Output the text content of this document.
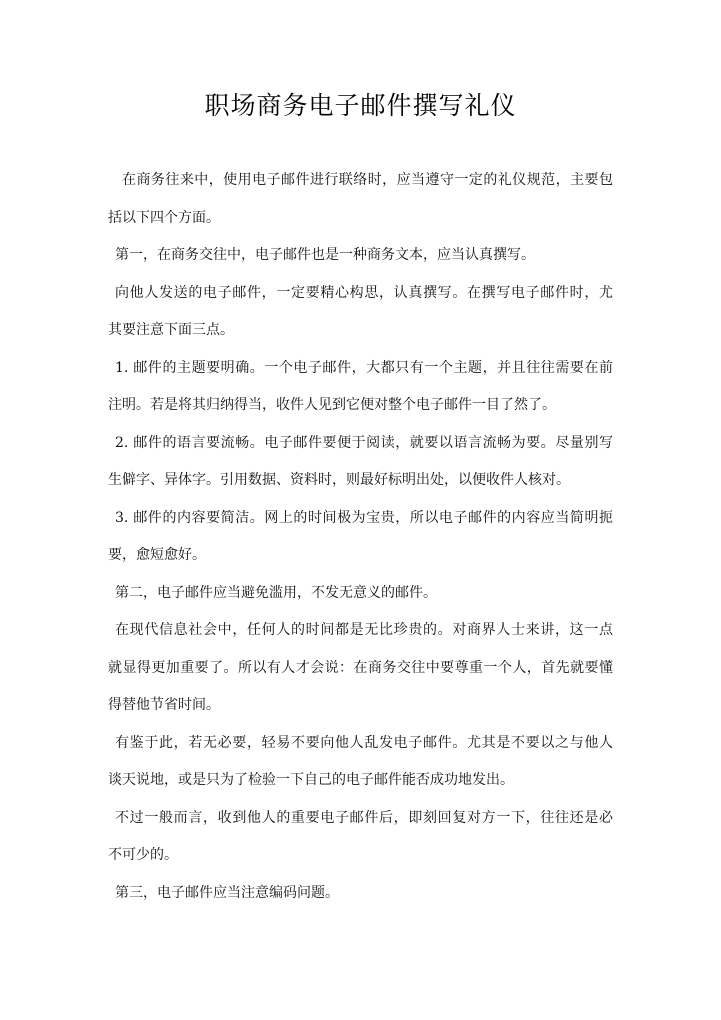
职场商务电子邮件撰写礼仪

在商务往来中，使用电子邮件进行联络时，应当遵守一定的礼仪规范，主要包
括以下四个方面。

第一，在商务交往中，电子邮件也是一种商务文本，应当认真撰写。

向他人发送的电子邮件，一定要精心构思，认真撰写。在撰写电子邮件时，尤
其要注意下面三点。

1. 邮件的主题要明确。一个电子邮件，大都只有一个主题，并且往往需要在前
注明。若是将其归纳得当，收件人见到它便对整个电子邮件一目了然了。

2. 邮件的语言要流畅。电子邮件要便于阅读，就要以语言流畅为要。尽量别写
生僻字、异体字。引用数据、资料时，则最好标明出处，以便收件人核对。

3. 邮件的内容要简洁。网上的时间极为宝贵，所以电子邮件的内容应当简明扼
要，愈短愈好。

第二，电子邮件应当避免滥用，不发无意义的邮件。

在现代信息社会中，任何人的时间都是无比珍贵的。对商界人士来讲，这一点
就显得更加重要了。所以有人才会说：在商务交往中要尊重一个人，首先就要懂
得替他节省时间。

有鉴于此，若无必要，轻易不要向他人乱发电子邮件。尤其是不要以之与他人
谈天说地，或是只为了检验一下自己的电子邮件能否成功地发出。

不过一般而言，收到他人的重要电子邮件后，即刻回复对方一下，往往还是必
不可少的。

第三，电子邮件应当注意编码问题。
